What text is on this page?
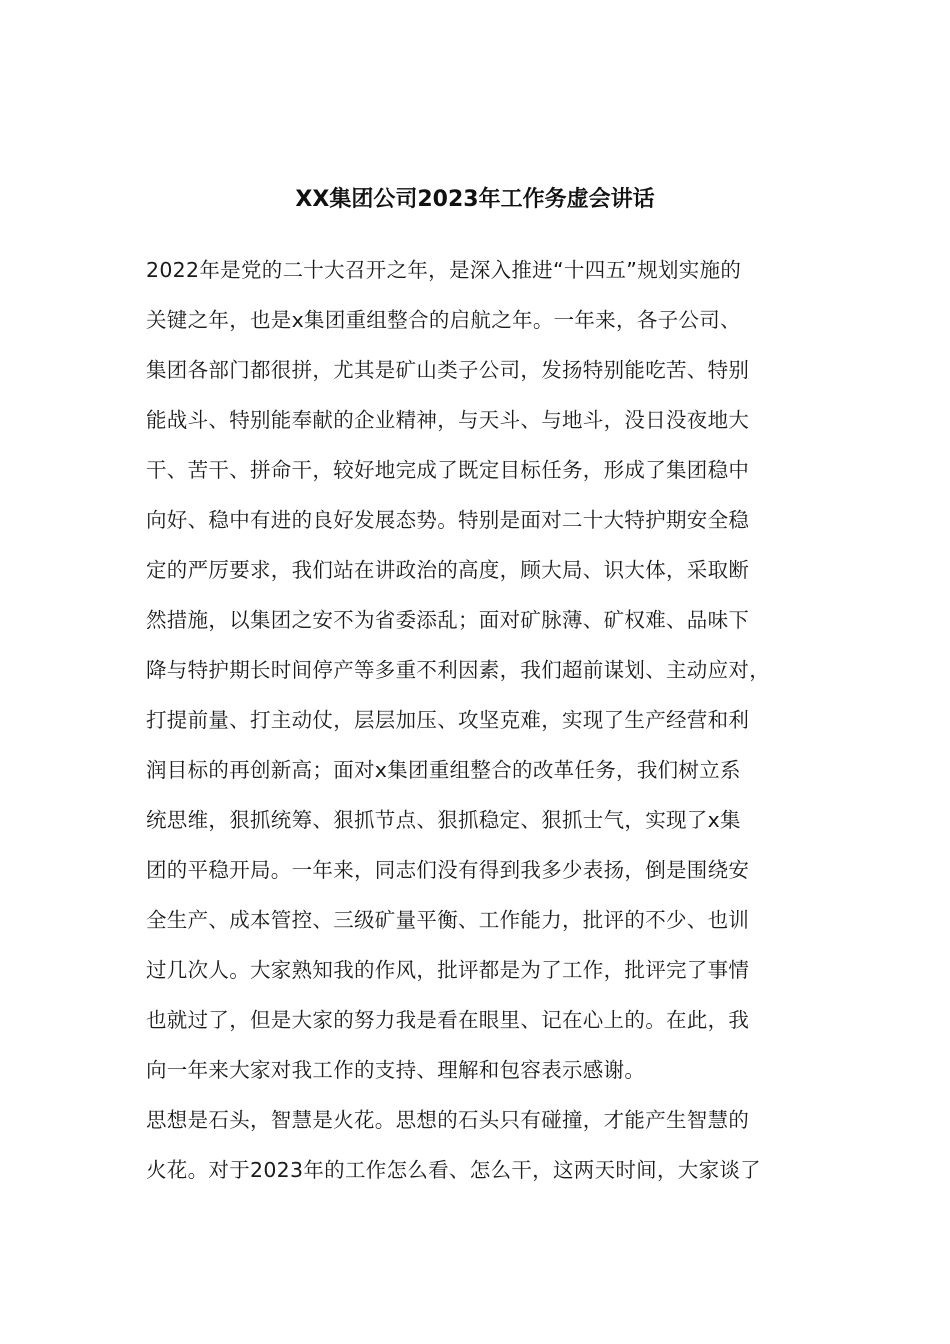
XX集团公司2023年工作务虚会讲话
2022年是党的二十大召开之年，是深入推进“十四五”规划实施的
关键之年，也是x集团重组整合的启航之年。一年来，各子公司、
集团各部门都很拼，尤其是矿山类子公司，发扬特别能吃苦、特别
能战斗、特别能奉献的企业精神，与天斗、与地斗，没日没夜地大
干、苦干、拼命干，较好地完成了既定目标任务，形成了集团稳中
向好、稳中有进的良好发展态势。特别是面对二十大特护期安全稳
定的严厉要求，我们站在讲政治的高度，顾大局、识大体，采取断
然措施，以集团之安不为省委添乱；面对矿脉薄、矿权难、品味下
降与特护期长时间停产等多重不利因素，我们超前谋划、主动应对，
打提前量、打主动仗，层层加压、攻坚克难，实现了生产经营和利
润目标的再创新高；面对x集团重组整合的改革任务，我们树立系
统思维，狠抓统筹、狠抓节点、狠抓稳定、狠抓士气，实现了x集
团的平稳开局。一年来，同志们没有得到我多少表扬，倒是围绕安
全生产、成本管控、三级矿量平衡、工作能力，批评的不少、也训
过几次人。大家熟知我的作风，批评都是为了工作，批评完了事情
也就过了，但是大家的努力我是看在眼里、记在心上的。在此，我
向一年来大家对我工作的支持、理解和包容表示感谢。
思想是石头，智慧是火花。思想的石头只有碰撞，才能产生智慧的
火花。对于2023年的工作怎么看、怎么干，这两天时间，大家谈了
